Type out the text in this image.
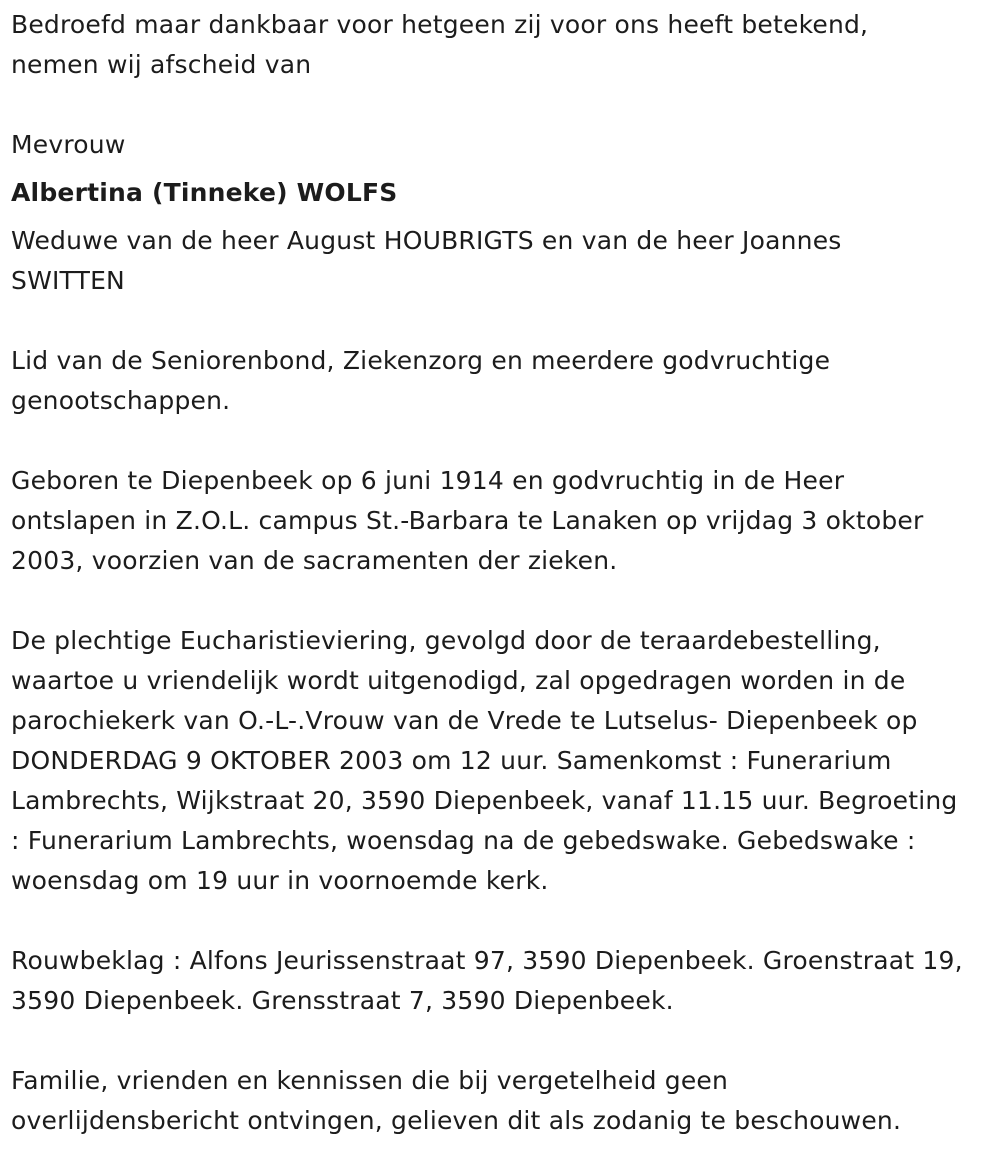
Bedroefd maar dankbaar voor hetgeen zij voor ons heeft betekend,
nemen wij afscheid van

Mevrouw

Albertina (Tinneke) WOLFS

Weduwe van de heer August HOUBRIGTS en van de heer Joannes
SWITTEN

Lid van de Seniorenbond, Ziekenzorg en meerdere godvruchtige
genootschappen.

Geboren te Diepenbeek op 6 juni 1914 en godvruchtig in de Heer
ontslapen in Z.O.L. campus St.-Barbara te Lanaken op vrijdag 3 oktober
2003, voorzien van de sacramenten der zieken.

De plechtige Eucharistieviering, gevolgd door de teraardebestelling,
waartoe u vriendelijk wordt uitgenodigd, zal opgedragen worden in de
parochiekerk van O.-L-.Vrouw van de Vrede te Lutselus- Diepenbeek op
DONDERDAG 9 OKTOBER 2003 om 12 uur. Samenkomst : Funerarium
Lambrechts, Wijkstraat 20, 3590 Diepenbeek, vanaf 11.15 uur. Begroeting
: Funerarium Lambrechts, woensdag na de gebedswake. Gebedswake :
woensdag om 19 uur in voornoemde kerk.

Rouwbeklag : Alfons Jeurissenstraat 97, 3590 Diepenbeek. Groenstraat 19,
3590 Diepenbeek. Grensstraat 7, 3590 Diepenbeek.

Familie, vrienden en kennissen die bij vergetelheid geen
overlijdensbericht ontvingen, gelieven dit als zodanig te beschouwen.
